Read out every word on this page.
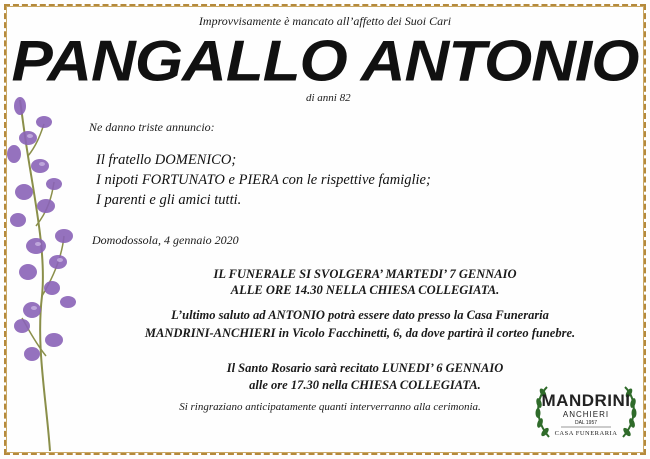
Improvvisamente è mancato all’affetto dei Suoi Cari

PANGALLO ANTONIO

di anni 82

Ne danno triste annuncio:

Il fratello DOMENICO;
I nipoti FORTUNATO e PIERA con le rispettive famiglie;
I parenti e gli amici tutti.

Domodossola, 4 gennaio 2020

IL FUNERALE SI SVOLGERA’ MARTEDI’ 7 GENNAIO
ALLE ORE 14.30 NELLA CHIESA COLLEGIATA.
L’ultimo saluto ad ANTONIO potrà essere dato presso la Casa Funeraria
MANDRINI-ANCHIERI in Vicolo Facchinetti, 6, da dove partirà il corteo funebre.
Il Santo Rosario sarà recitato LUNEDI’ 6 GENNAIO
alle ore 17.30 nella CHIESA COLLEGIATA.

Si ringraziano anticipatamente quanti interverranno alla cerimonia.	MANDRINI
ANCHIERI
DAL 1957
CASA FUNERARIA
